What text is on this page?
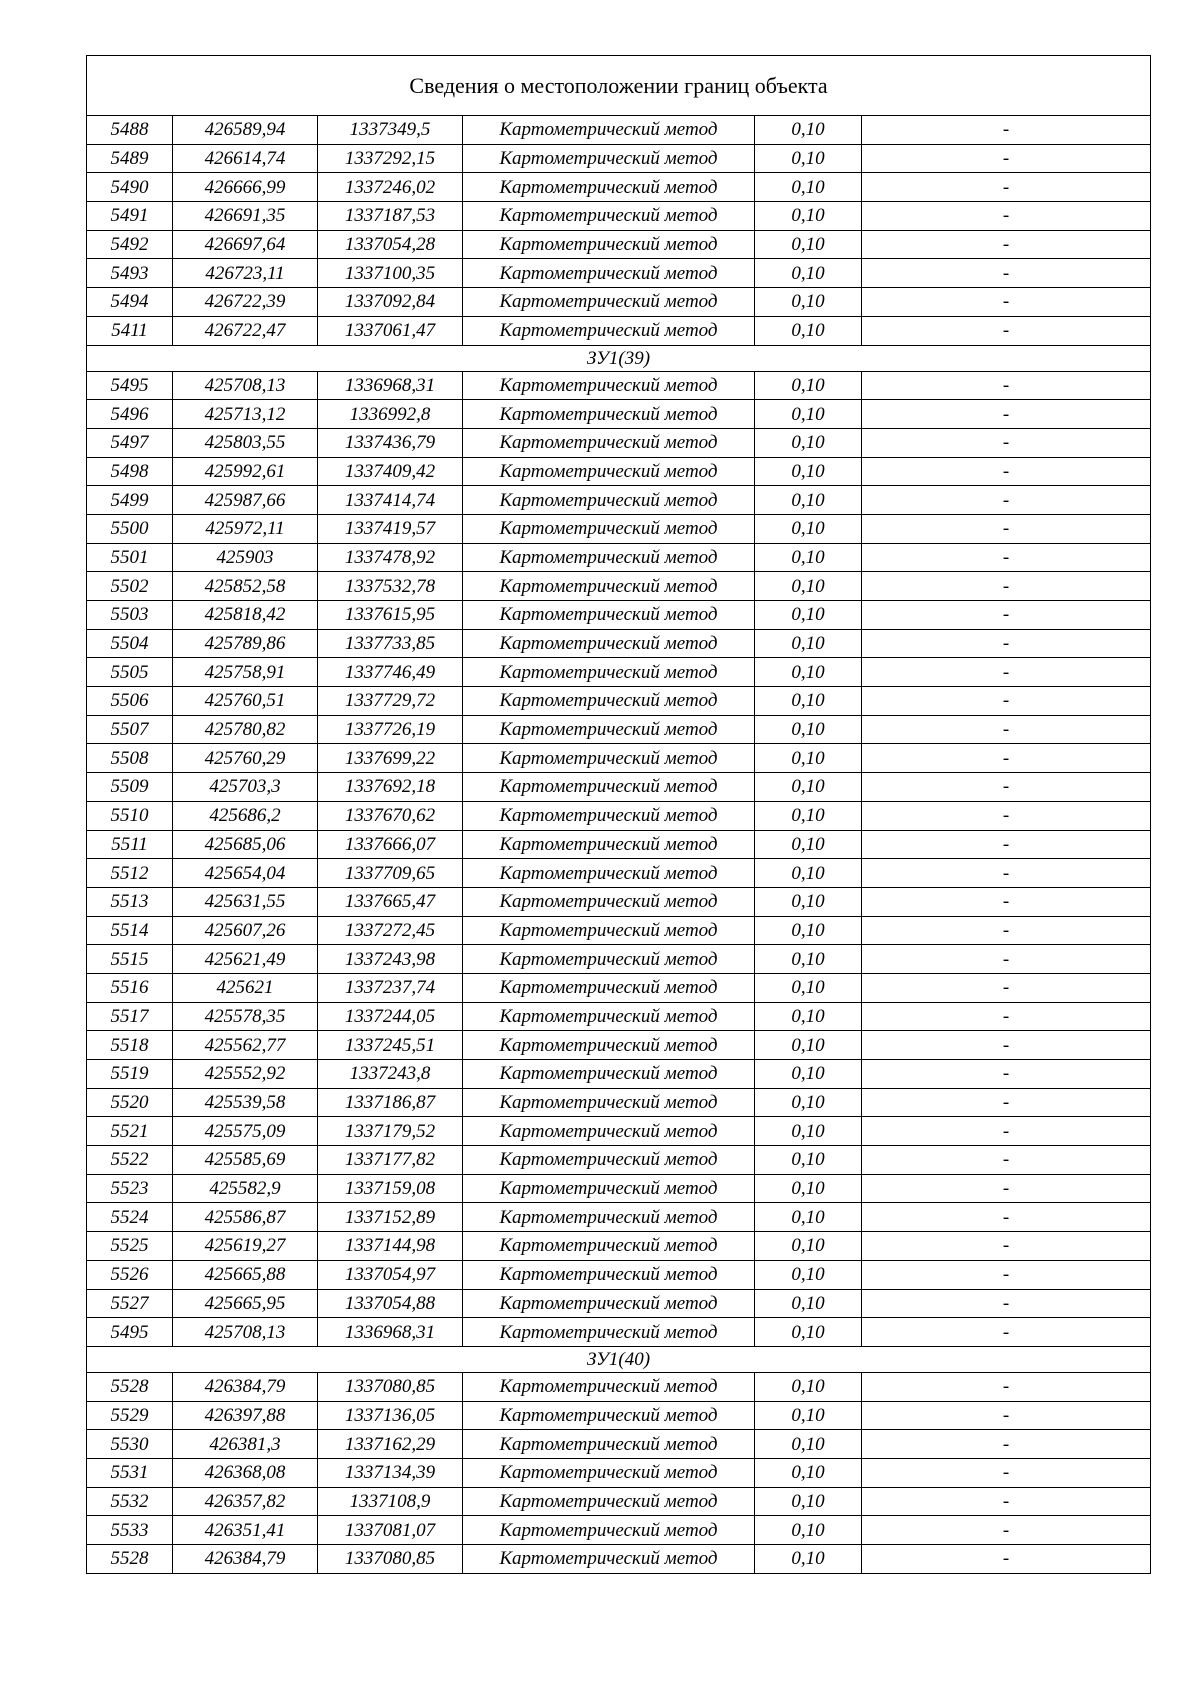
Сведения о местоположении границ объекта					
5488	426589,94	1337349,5	Картометрический метод	0,10	-
5489	426614,74	1337292,15	Картометрический метод	0,10	-
5490	426666,99	1337246,02	Картометрический метод	0,10	-
5491	426691,35	1337187,53	Картометрический метод	0,10	-
5492	426697,64	1337054,28	Картометрический метод	0,10	-
5493	426723,11	1337100,35	Картометрический метод	0,10	-
5494	426722,39	1337092,84	Картометрический метод	0,10	-
5411	426722,47	1337061,47	Картометрический метод	0,10	-
ЗУ1(39)					
5495	425708,13	1336968,31	Картометрический метод	0,10	-
5496	425713,12	1336992,8	Картометрический метод	0,10	-
5497	425803,55	1337436,79	Картометрический метод	0,10	-
5498	425992,61	1337409,42	Картометрический метод	0,10	-
5499	425987,66	1337414,74	Картометрический метод	0,10	-
5500	425972,11	1337419,57	Картометрический метод	0,10	-
5501	425903	1337478,92	Картометрический метод	0,10	-
5502	425852,58	1337532,78	Картометрический метод	0,10	-
5503	425818,42	1337615,95	Картометрический метод	0,10	-
5504	425789,86	1337733,85	Картометрический метод	0,10	-
5505	425758,91	1337746,49	Картометрический метод	0,10	-
5506	425760,51	1337729,72	Картометрический метод	0,10	-
5507	425780,82	1337726,19	Картометрический метод	0,10	-
5508	425760,29	1337699,22	Картометрический метод	0,10	-
5509	425703,3	1337692,18	Картометрический метод	0,10	-
5510	425686,2	1337670,62	Картометрический метод	0,10	-
5511	425685,06	1337666,07	Картометрический метод	0,10	-
5512	425654,04	1337709,65	Картометрический метод	0,10	-
5513	425631,55	1337665,47	Картометрический метод	0,10	-
5514	425607,26	1337272,45	Картометрический метод	0,10	-
5515	425621,49	1337243,98	Картометрический метод	0,10	-
5516	425621	1337237,74	Картометрический метод	0,10	-
5517	425578,35	1337244,05	Картометрический метод	0,10	-
5518	425562,77	1337245,51	Картометрический метод	0,10	-
5519	425552,92	1337243,8	Картометрический метод	0,10	-
5520	425539,58	1337186,87	Картометрический метод	0,10	-
5521	425575,09	1337179,52	Картометрический метод	0,10	-
5522	425585,69	1337177,82	Картометрический метод	0,10	-
5523	425582,9	1337159,08	Картометрический метод	0,10	-
5524	425586,87	1337152,89	Картометрический метод	0,10	-
5525	425619,27	1337144,98	Картометрический метод	0,10	-
5526	425665,88	1337054,97	Картометрический метод	0,10	-
5527	425665,95	1337054,88	Картометрический метод	0,10	-
5495	425708,13	1336968,31	Картометрический метод	0,10	-
ЗУ1(40)					
5528	426384,79	1337080,85	Картометрический метод	0,10	-
5529	426397,88	1337136,05	Картометрический метод	0,10	-
5530	426381,3	1337162,29	Картометрический метод	0,10	-
5531	426368,08	1337134,39	Картометрический метод	0,10	-
5532	426357,82	1337108,9	Картометрический метод	0,10	-
5533	426351,41	1337081,07	Картометрический метод	0,10	-
5528	426384,79	1337080,85	Картометрический метод	0,10	-
